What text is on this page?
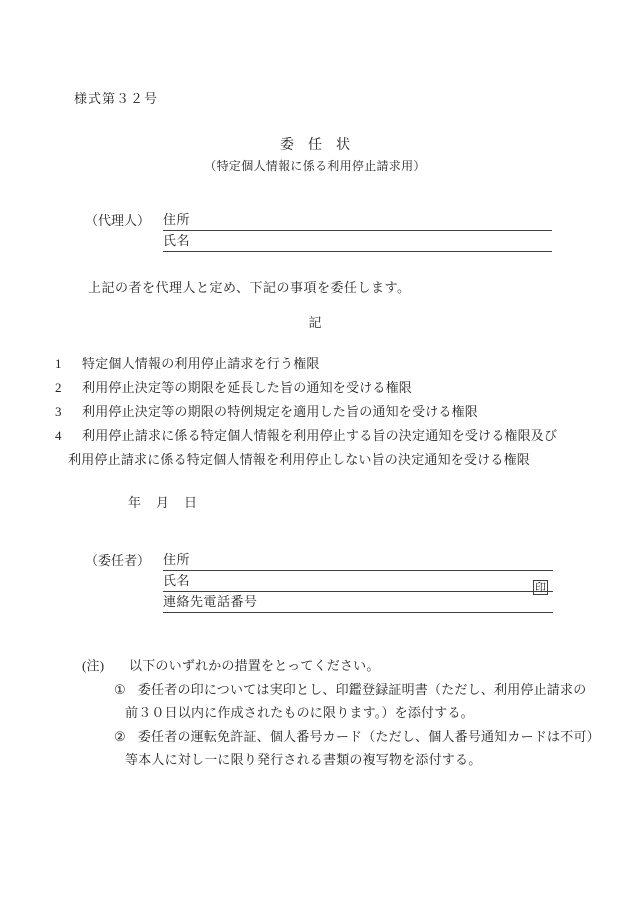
様式第３２号
委　任　状
（特定個人情報に係る利用停止請求用）
（代理人） 住所
氏名
上記の者を代理人と定め、下記の事項を委任します。
記
1 特定個人情報の利用停止請求を行う権限
2 利用停止決定等の期限を延長した旨の通知を受ける権限
3 利用停止決定等の期限の特例規定を適用した旨の通知を受ける権限
4 利用停止請求に係る特定個人情報を利用停止する旨の決定通知を受ける権限及び
利用停止請求に係る特定個人情報を利用停止しない旨の決定通知を受ける権限
年　月　日
（委任者） 住所
氏名	印
連絡先電話番号
(注) 以下のいずれかの措置をとってください。
① 委任者の印については実印とし、印鑑登録証明書（ただし、利用停止請求の
前３０日以内に作成されたものに限ります。）を添付する。
② 委任者の運転免許証、個人番号カード（ただし、個人番号通知カードは不可）
等本人に対し一に限り発行される書類の複写物を添付する。
